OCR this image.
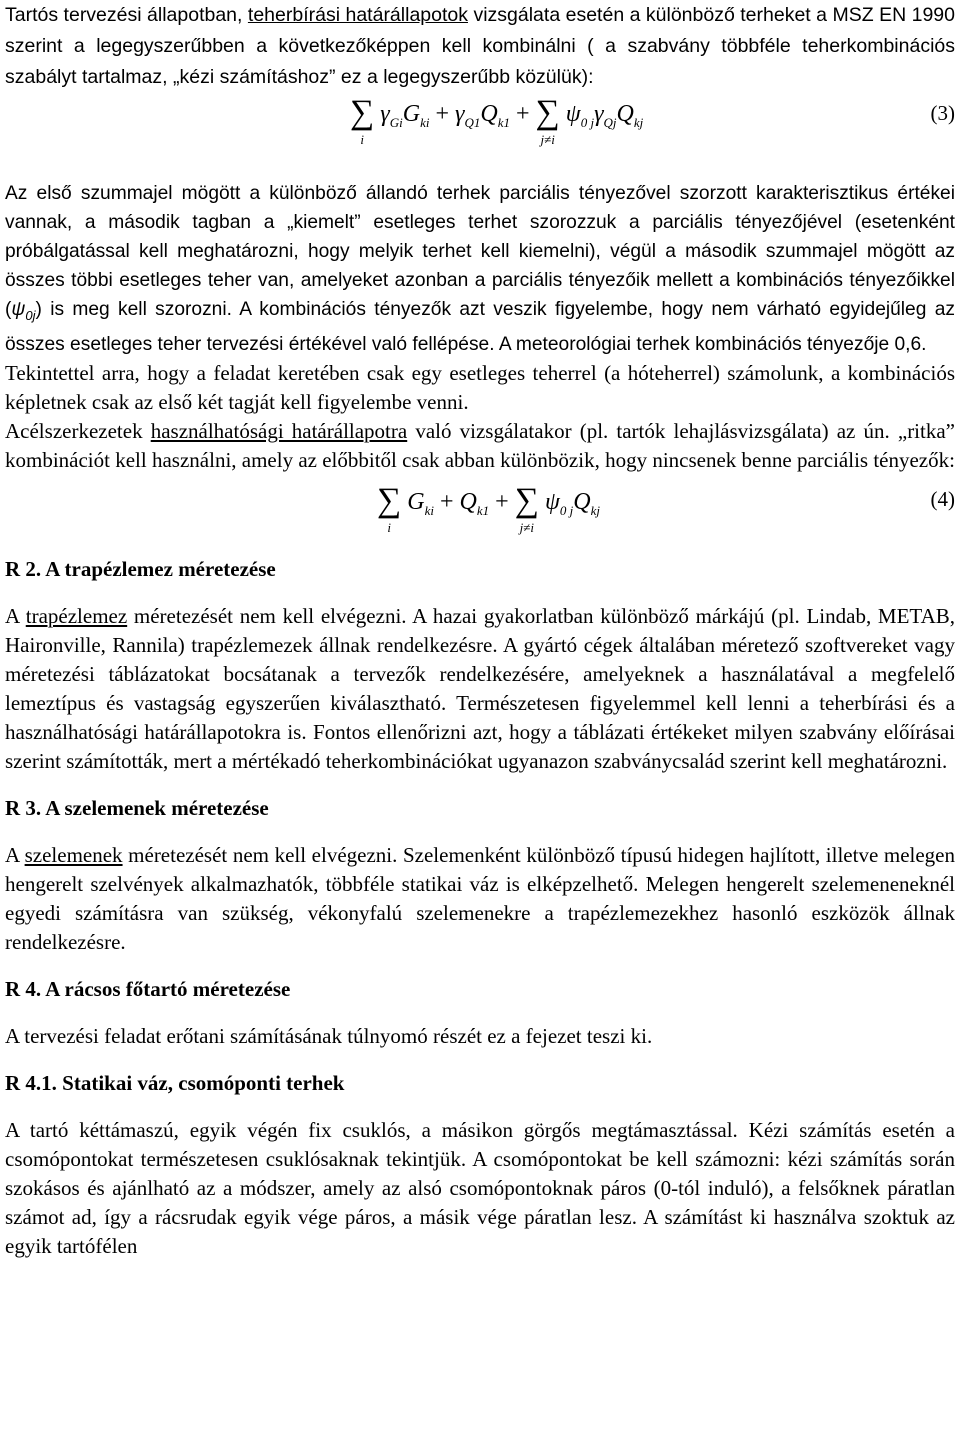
Tartós tervezési állapotban, teherbírási határállapotok vizsgálata esetén a különböző terheket a MSZ EN 1990 szerint a legegyszerűbben a következőképpen kell kombinálni ( a szabvány többféle teherkombinációs szabályt tartalmaz, „kézi számításhoz” ez a legegyszerűbb közülük):

∑
i
$\gamma_{Gi}G_{ki} + \gamma_{Q1}Q_{k1}$ + ∑
j≠i
$\psi_{0 j}\gamma_{Qj}Q_{kj}$	(3)

Az első szummajel mögött a különböző állandó terhek parciális tényezővel szorzott karakterisztikus értékei vannak, a második tagban a „kiemelt” esetleges terhet szorozzuk a parciális tényezőjével (esetenként próbálgatással kell meghatározni, hogy melyik terhet kell kiemelni), végül a második szummajel mögött az összes többi esetleges teher van, amelyeket azonban a parciális tényezőik mellett a kombinációs tényezőikkel $(\psi_{0j})$ is meg kell szorozni. A kombinációs tényezők azt veszik figyelembe, hogy nem várható egyidejűleg az összes esetleges teher tervezési értékével való fellépése. A meteorológiai terhek kombinációs tényezője 0,6.

Tekintettel arra, hogy a feladat keretében csak egy esetleges teherrel (a hóteherrel) számolunk, a kombinációs képletnek csak az első két tagját kell figyelembe venni.

Acélszerkezetek használhatósági határállapotra való vizsgálatakor (pl. tartók lehajlásvizsgálata) az ún. „ritka” kombinációt kell használni, amely az előbbitől csak abban különbözik, hogy nincsenek benne parciális tényezők:

∑
i
$G_{ki} + Q_{k1}$ + ∑
j≠i
$\psi_{0 j}Q_{kj}$	(4)

R 2. A trapézlemez méretezése

A trapézlemez méretezését nem kell elvégezni. A hazai gyakorlatban különböző márkájú (pl. Lindab, METAB, Haironville, Rannila) trapézlemezek állnak rendelkezésre. A gyártó cégek általában méretező szoftvereket vagy méretezési táblázatokat bocsátanak a tervezők rendelkezésére, amelyeknek a használatával a megfelelő lemeztípus és vastagság egyszerűen kiválasztható. Természetesen figyelemmel kell lenni a teherbírási és a használhatósági határállapotokra is. Fontos ellenőrizni azt, hogy a táblázati értékeket milyen szabvány előírásai szerint számították, mert a mértékadó teherkombinációkat ugyanazon szabványcsalád szerint kell meghatározni.

R 3. A szelemenek méretezése

A szelemenek méretezését nem kell elvégezni. Szelemenként különböző típusú hidegen hajlított, illetve melegen hengerelt szelvények alkalmazhatók, többféle statikai váz is elképzelhető. Melegen hengerelt szelemeneneknél egyedi számításra van szükség, vékonyfalú szelemenekre a trapézlemezekhez hasonló eszközök állnak rendelkezésre.

R 4. A rácsos főtartó méretezése

A tervezési feladat erőtani számításának túlnyomó részét ez a fejezet teszi ki.

R 4.1. Statikai váz, csomóponti terhek

A tartó kéttámaszú, egyik végén fix csuklós, a másikon görgős megtámasztással. Kézi számítás esetén a csomópontokat természetesen csuklósaknak tekintjük. A csomópontokat be kell számozni: kézi számítás során szokásos és ajánlható az a módszer, amely az alsó csomópontoknak páros (0-tól induló), a felsőknek páratlan számot ad, így a rácsrudak egyik vége páros, a másik vége páratlan lesz. A számítást ki használva szoktuk az egyik tartófélen
